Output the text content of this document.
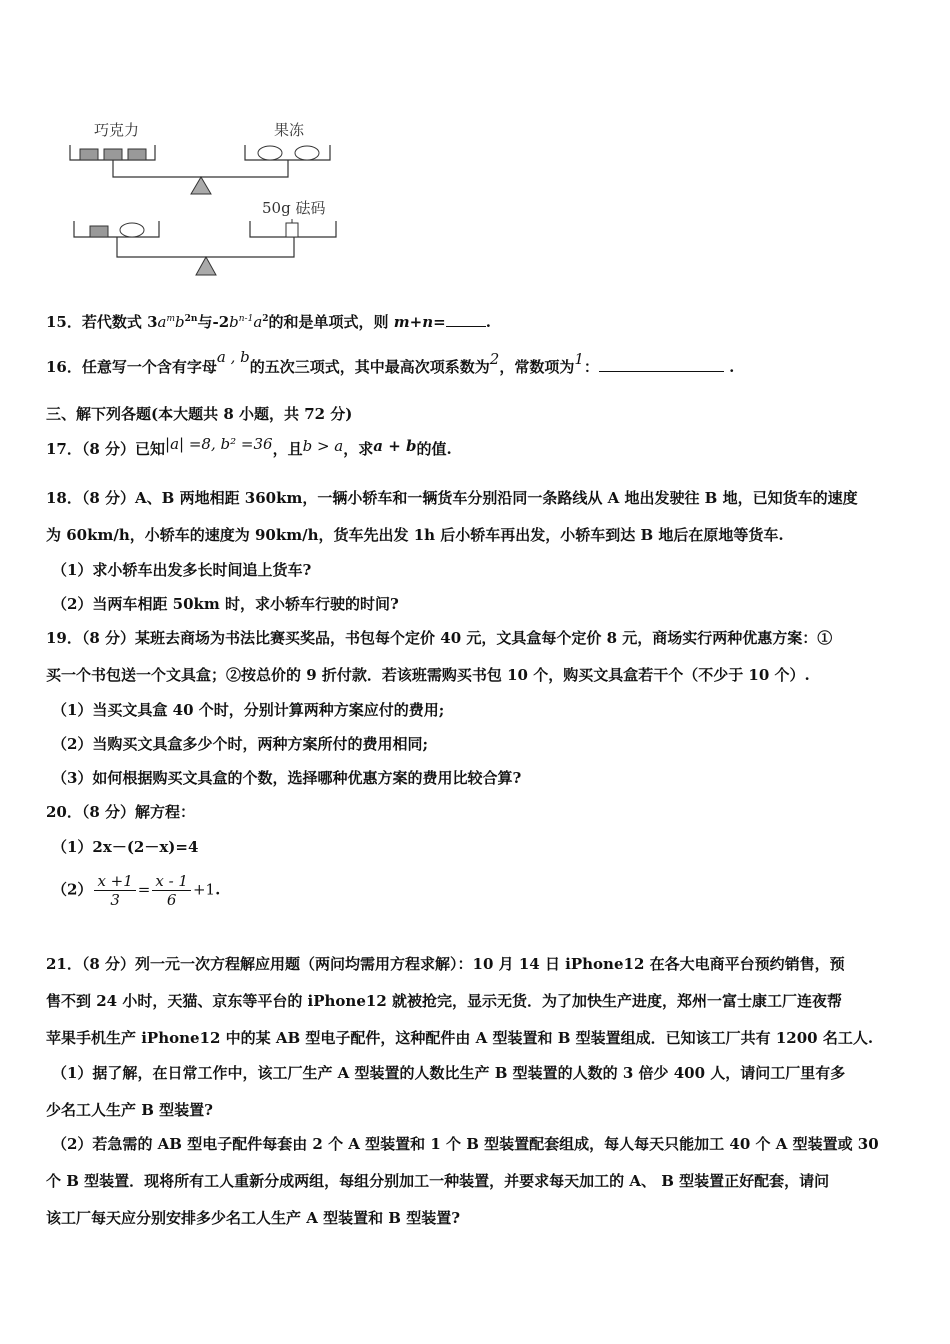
巧克力	果冻
50g 砝码
15．若代数式 $3a^mb^{2n}$与$-2b^{n-1}a^2$的和是单项式，则 m+n=	.
16．任意写一个含有字母a , b的五次三项式，其中最高次项系数为2，常数项为1：	.
三、解下列各题(本大题共 8 小题，共 72 分)
17．（8 分）已知|a| =8, b² =36，且b > a，求a + b的值.
18．（8 分）A、B 两地相距 360km，一辆小轿车和一辆货车分别沿同一条路线从 A 地出发驶往 B 地，已知货车的速度
为 60km/h，小轿车的速度为 90km/h，货车先出发 1h 后小轿车再出发，小轿车到达 B 地后在原地等货车.
（1）求小轿车出发多长时间追上货车?
（2）当两车相距 50km 时，求小轿车行驶的时间?
19．（8 分）某班去商场为书法比赛买奖品，书包每个定价 40 元，文具盒每个定价 8 元，商场实行两种优惠方案：①
买一个书包送一个文具盒；②按总价的 9 折付款．若该班需购买书包 10 个，购买文具盒若干个（不少于 10 个）.
（1）当买文具盒 40 个时，分别计算两种方案应付的费用;
（2）当购买文具盒多少个时，两种方案所付的费用相同;
（3）如何根据购买文具盒的个数，选择哪种优惠方案的费用比较合算?
20．（8 分）解方程：
（1）2x－(2－x)=4
$(2) \frac{x +1}{3} = \frac{x - 1}{6} +1$.
21．（8 分）列一元一次方程解应用题（两问均需用方程求解）：10 月 14 日 iPhone12 在各大电商平台预约销售，预
售不到 24 小时，天猫、京东等平台的 iPhone12 就被抢完，显示无货．为了加快生产进度，郑州一富士康工厂连夜帮
苹果手机生产 iPhone12 中的某 AB 型电子配件，这种配件由 A 型装置和 B 型装置组成．已知该工厂共有 1200 名工人.
（1）据了解，在日常工作中，该工厂生产 A 型装置的人数比生产 B 型装置的人数的 3 倍少 400 人，请问工厂里有多
少名工人生产 B 型装置?
（2）若急需的 AB 型电子配件每套由 2 个 A 型装置和 1 个 B 型装置配套组成，每人每天只能加工 40 个 A 型装置或 30
个 B 型装置．现将所有工人重新分成两组，每组分别加工一种装置，并要求每天加工的 A、 B 型装置正好配套，请问
该工厂每天应分别安排多少名工人生产 A 型装置和 B 型装置?
